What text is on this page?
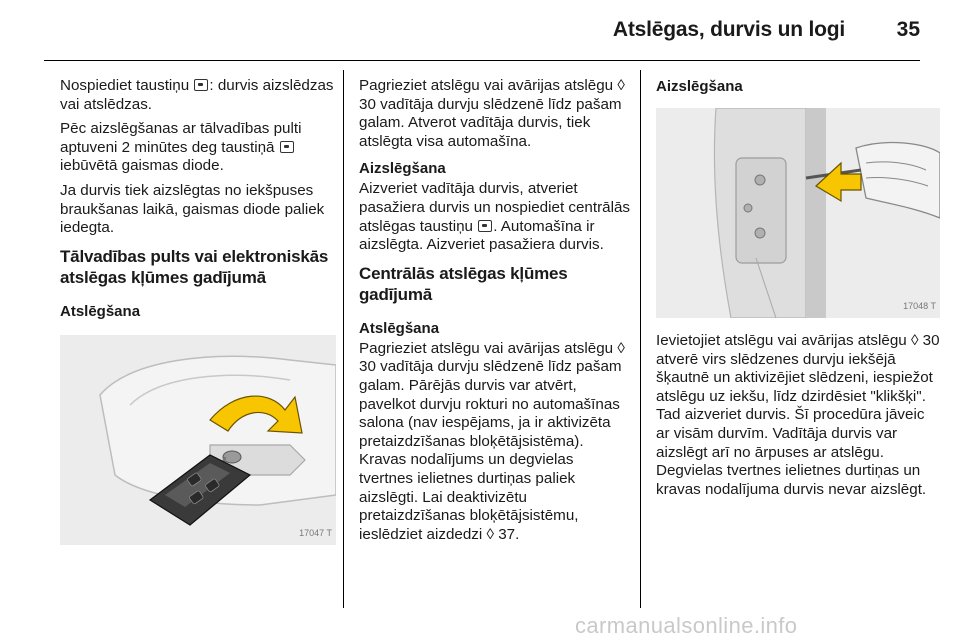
Atslēgas, durvis un logi	35

Nospiediet taustiņu : durvis aizslēdzas vai atslēdzas.

Pēc aizslēgšanas ar tālvadības pulti aptuveni 2 minūtes deg taustiņā  iebūvētā gaismas diode.

Ja durvis tiek aizslēgtas no iekšpuses braukšanas laikā, gaismas diode paliek iedegta.

Tālvadības pults vai elektroniskās atslēgas kļūmes gadījumā
Atslēgšana
17047 T

Pagrieziet atslēgu vai avārijas atslēgu ◊ 30 vadītāja durvju slēdzenē līdz pašam galam. Atverot vadītāja durvis, tiek atslēgta visa automašīna.

Aizslēgšana

Aizveriet vadītāja durvis, atveriet pasažiera durvis un nospiediet centrālās atslēgas taustiņu . Automašīna ir aizslēgta. Aizveriet pasažiera durvis.

Centrālās atslēgas kļūmes gadījumā
Atslēgšana

Pagrieziet atslēgu vai avārijas atslēgu ◊ 30 vadītāja durvju slēdzenē līdz pašam galam. Pārējās durvis var atvērt, pavelkot durvju rokturi no automašīnas salona (nav iespējams, ja ir aktivizēta pretaizdzīšanas bloķētājsistēma). Kravas nodalījums un degvielas tvertnes ielietnes durtiņas paliek aizslēgti. Lai deaktivizētu pretaizdzīšanas bloķētājsistēmu, ieslēdziet aizdedzi ◊ 37.

Aizslēgšana
17048 T

Ievietojiet atslēgu vai avārijas atslēgu ◊ 30 atverē virs slēdzenes durvju iekšējā šķautnē un aktivizējiet slēdzeni, iespiežot atslēgu uz iekšu, līdz dzirdēsiet "klikšķi". Tad aizveriet durvis. Šī procedūra jāveic ar visām durvīm. Vadītāja durvis var aizslēgt arī no ārpuses ar atslēgu. Degvielas tvertnes ielietnes durtiņas un kravas nodalījuma durvis nevar aizslēgt.

carmanualsonline.info
